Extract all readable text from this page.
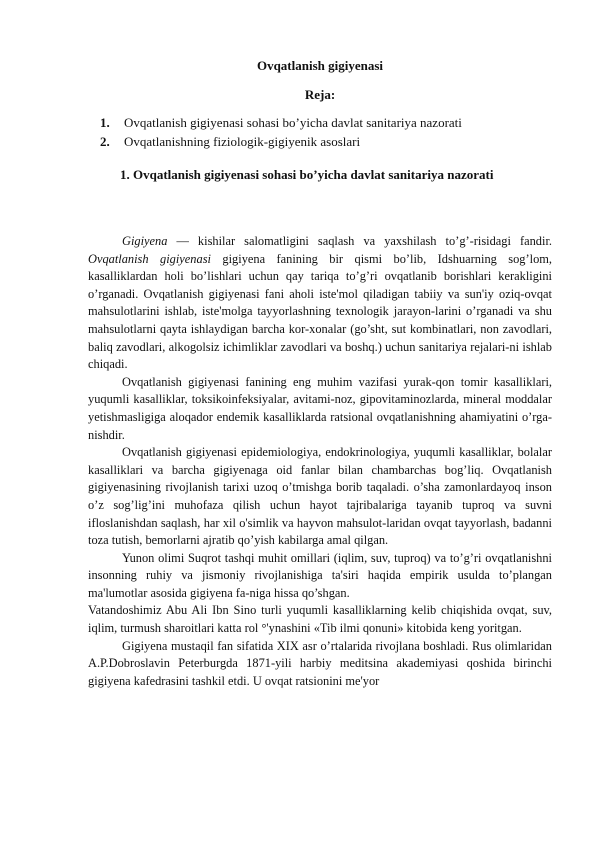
Ovqatlanish gigiyenasi
Reja:
1.	Ovqatlanish gigiyenasi sohasi bo’yicha davlat sanitariya nazorati
2.	Ovqatlanishning fiziologik-gigiyenik asoslari
1. Ovqatlanish gigiyenasi sohasi bo’yicha davlat sanitariya nazorati

Gigiyena — kishilar salomatligini saqlash va yaxshilash to’g’-risidagi fandir. Ovqatlanish gigiyenasi gigiyena fanining bir qismi bo’lib, Idshuarning sog’lom, kasalliklardan holi bo’lishlari uchun qay tariqa to’g’ri ovqatlanib borishlari kerakligini o’rganadi. Ovqatlanish gigiyenasi fani aholi iste'mol qiladigan tabiiy va sun'iy oziq-ovqat mahsulotlarini ishlab, iste'molga tayyorlashning texnologik jarayon-larini o’rganadi va shu mahsulotlarni qayta ishlaydigan barcha kor-xonalar (go’sht, sut kombinatlari, non zavodlari, baliq zavodlari, alkogolsiz ichimliklar zavodlari va boshq.) uchun sanitariya rejalari-ni ishlab chiqadi.

Ovqatlanish gigiyenasi fanining eng muhim vazifasi yurak-qon tomir kasalliklari, yuqumli kasalliklar, toksikoinfeksiyalar, avitami-noz, gipovitaminozlarda, mineral moddalar yetishmasligiga aloqador endemik kasalliklarda ratsional ovqatlanishning ahamiyatini o’rga-nishdir.

Ovqatlanish gigiyenasi epidemiologiya, endokrinologiya, yuqumli kasalliklar, bolalar kasalliklari va barcha gigiyenaga oid fanlar bilan chambarchas bog’liq. Ovqatlanish gigiyenasining rivojlanish tarixi uzoq o’tmishga borib taqaladi. o’sha zamonlardayoq inson o’z sog’lig’ini muhofaza qilish uchun hayot tajribalariga tayanib tuproq va suvni ifloslanishdan saqlash, har xil o'simlik va hayvon mahsulot-laridan ovqat tayyorlash, badanni toza tutish, bemorlarni ajratib qo’yish kabilarga amal qilgan.

Yunon olimi Suqrot tashqi muhit omillari (iqlim, suv, tuproq) va to’g’ri ovqatlanishni insonning ruhiy va jismoniy rivojlanishiga ta'siri haqida empirik usulda to’plangan ma'lumotlar asosida gigiyena fa-niga hissa qo’shgan.

Vatandoshimiz Abu Ali Ibn Sino turli yuqumli kasalliklarning kelib chiqishida ovqat, suv, iqlim, turmush sharoitlari katta rol °'ynashini «Tib ilmi qonuni» kitobida keng yoritgan.

Gigiyena mustaqil fan sifatida XIX asr o’rtalarida rivojlana boshladi. Rus olimlaridan A.P.Dobroslavin Peterburgda 1871-yili harbiy meditsina akademiyasi qoshida birinchi gigiyena kafedrasini tashkil etdi. U ovqat ratsionini me'yor
